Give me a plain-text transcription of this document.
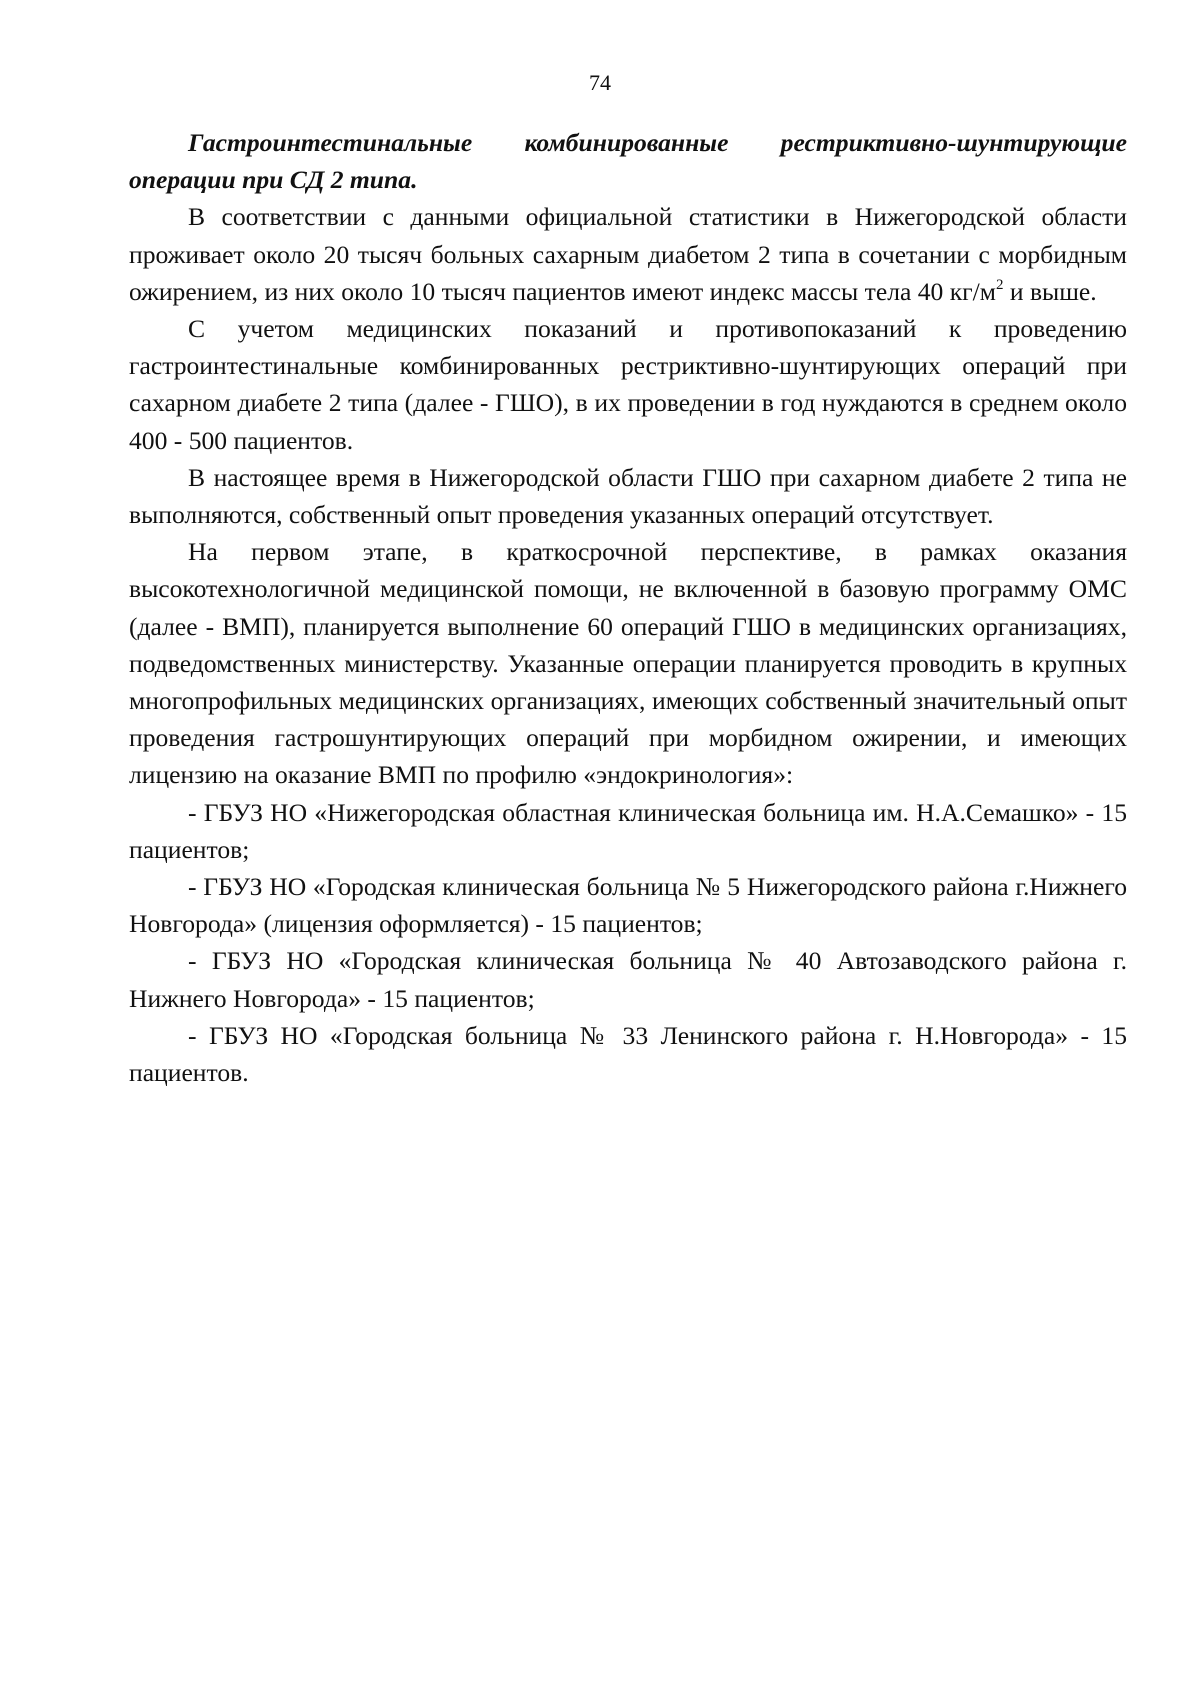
74

Гастроинтестинальные комбинированные рестриктивно-шунтирующие операции при СД 2 типа.

В соответствии с данными официальной статистики в Нижегородской области проживает около 20 тысяч больных сахарным диабетом 2 типа в сочетании с морбидным ожирением, из них около 10 тысяч пациентов имеют индекс массы тела 40 $кг/м^2$ и выше.

С учетом медицинских показаний и противопоказаний к проведению гастроинтестинальные комбинированных рестриктивно-шунтирующих операций при сахарном диабете 2 типа (далее - ГШО), в их проведении в год нуждаются в среднем около 400 - 500 пациентов.

В настоящее время в Нижегородской области ГШО при сахарном диабете 2 типа не выполняются, собственный опыт проведения указанных операций отсутствует.

На первом этапе, в краткосрочной перспективе, в рамках оказания высокотехнологичной медицинской помощи, не включенной в базовую программу ОМС (далее - ВМП), планируется выполнение 60 операций ГШО в медицинских организациях, подведомственных министерству. Указанные операции планируется проводить в крупных многопрофильных медицинских организациях, имеющих собственный значительный опыт проведения гастрошунтирующих операций при морбидном ожирении, и имеющих лицензию на оказание ВМП по профилю «эндокринология»:

- ГБУЗ НО «Нижегородская областная клиническая больница им. Н.А.Семашко» - 15 пациентов;

- ГБУЗ НО «Городская клиническая больница № 5 Нижегородского района г.Нижнего Новгорода» (лицензия оформляется) - 15 пациентов;

- ГБУЗ НО «Городская клиническая больница № 40 Автозаводского района г. Нижнего Новгорода» - 15 пациентов;

- ГБУЗ НО «Городская больница № 33 Ленинского района г. Н.Новгорода» - 15 пациентов.
